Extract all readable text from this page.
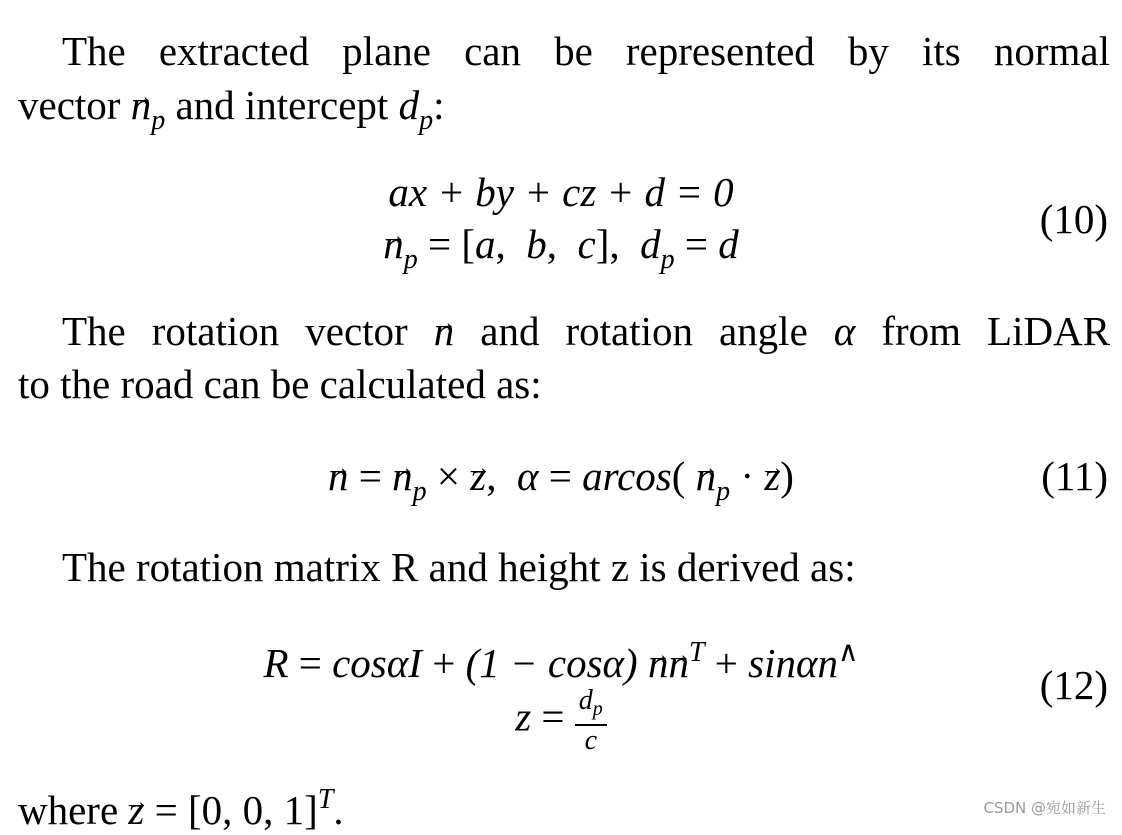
The extracted plane can be represented by its normal
vector → $n_p$ and intercept $d_p$:
ax + by + cz + d = 0
→ $n_p = [a$,  b,  c],  $d_p = d$
(10)
The rotation vector → n and rotation angle α from LiDAR
to the road can be calculated as:
→ n = → $n_p$ × → z,  $\alpha = arcos( \to n_p$ · → z)	(11)
The rotation matrix R and height z is derived as:
$R = \cos\alpha I + (1 - \cos\alpha) \to n\to n^T + \sin\alpha n^\wedge$
$z = \frac{d_p}{c}$
(12)
where → z = [0, 0, 1]$^T$.	CSDN @宛如新生
